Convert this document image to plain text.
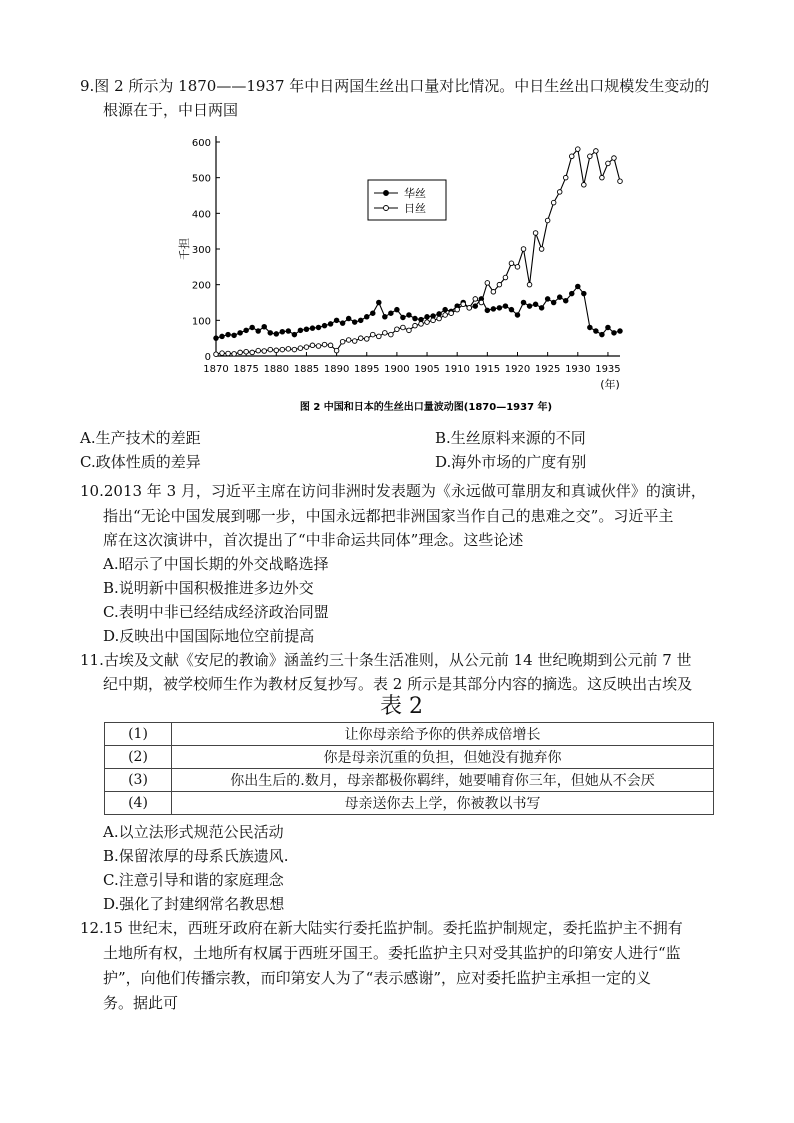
9.图 2 所示为 1870——1937 年中日两国生丝出口量对比情况。中日生丝出口规模发生变动的
根源在于，中日两国
0
100
200
300
400
500
600
1870 1875 1880 1885 1890 1895 1900 1905 1910 1915 1920 1925 1930 1935
千担
(年)
图 2 中国和日本的生丝出口量波动图(1870—1937 年)
华丝
日丝
A.生产技术的差距	B.生丝原料来源的不同
C.政体性质的差异	D.海外市场的广度有别
10.2013 年 3 月，习近平主席在访问非洲时发表题为《永远做可靠朋友和真诚伙伴》的演讲，
指出“无论中国发展到哪一步，中国永远都把非洲国家当作自己的患难之交”。习近平主
席在这次演讲中，首次提出了“中非命运共同体”理念。这些论述
A.昭示了中国长期的外交战略选择
B.说明新中国积极推进多边外交
C.表明中非已经结成经济政治同盟
D.反映出中国国际地位空前提高
11.古埃及文献《安尼的教谕》涵盖约三十条生活准则，从公元前 14 世纪晚期到公元前 7 世
纪中期，被学校师生作为教材反复抄写。表 2 所示是其部分内容的摘选。这反映出古埃及
表 2
(1)	让你母亲给予你的供养成倍增长
(2)	你是母亲沉重的负担，但她没有抛弃你
(3)	你出生后的.数月，母亲都极你羁绊，她要哺育你三年，但她从不会厌
(4)	母亲送你去上学，你被教以书写
A.以立法形式规范公民活动
B.保留浓厚的母系氏族遗风.
C.注意引导和谐的家庭理念
D.强化了封建纲常名教思想
12.15 世纪末，西班牙政府在新大陆实行委托监护制。委托监护制规定，委托监护主不拥有
土地所有权，土地所有权属于西班牙国王。委托监护主只对受其监护的印第安人进行“监
护”，向他们传播宗教，而印第安人为了“表示感谢”，应对委托监护主承担一定的义
务。据此可
